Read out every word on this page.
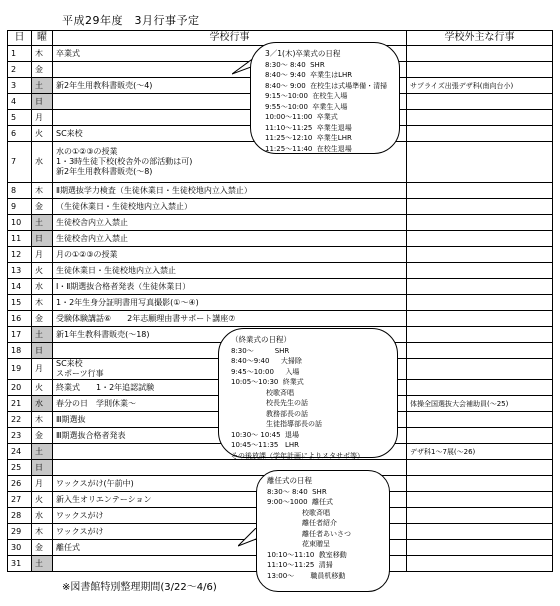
平成29年度　3月行事予定
日	曜	学校行事	学校外主な行事
1	木	卒業式	
2	金		
3	土	新2年生用教科書販売(〜4)	サプライズ出張デザ科(南向台小)
4	日		
5	月		
6	火	SC来校	
7	水	水の①②③の授業
1・3時生徒下校(校舎外の部活動は可)
新2年生用教科書販売(〜8)	
8	木	Ⅱ期選抜学力検査（生徒休業日・生徒校地内立入禁止）	
9	金	（生徒休業日・生徒校地内立入禁止）	
10	土	生徒校舎内立入禁止	
11	日	生徒校舎内立入禁止	
12	月	月の①②③の授業	
13	火	生徒休業日・生徒校地内立入禁止	
14	水	Ⅰ・Ⅱ期選抜合格者発表（生徒休業日）	
15	木	1・2年生身分証明書用写真撮影(①〜④)	
16	金	受験体験講話⑥　　2年志願理由書サポート講座⑦	
17	土	新1年生教科書販売(〜18)	
18	日		
19	月	SC来校
スポーツ行事	
20	火	終業式　　1・2年追認試験	
21	水	春分の日　学則休業〜	体操全国選抜大会補助員(〜25)
22	木	Ⅲ期選抜	
23	金	Ⅲ期選抜合格者発表	
24	土		デザ科1〜7展(〜26)
25	日		
26	月	ワックスがけ(午前中)	
27	火	新入生オリエンテーション	
28	水	ワックスがけ	
29	木	ワックスがけ	
30	金	離任式	
31	土		
3／1(木)卒業式の日程
8:30〜 8:40  SHR
8:40〜 9:40  卒業生はLHR
8:40〜 9:00  在校生は式場準備・清掃
9:15〜10:00  在校生入場
9:55〜10:00  卒業生入場
10:00〜11:00  卒業式
11:10〜11:25  卒業生退場
11:25〜12:10  卒業生LHR
11:25〜11:40  在校生退場
（終業式の日程）
8:30〜　　　SHR
8:40〜9:40　  大掃除
9:45〜10:00　  入場
10:05〜10:30  終業式
　　　　　校歌斉唱
　　　　　校長先生の話
　　　　　教務部長の話
　　　　　生徒指導部長の話
10:30〜 10:45  退場
10:45〜11:35   LHR
その後放課（学年計画によりスタサポ等）
離任式の日程
8:30〜 8:40  SHR
9:00〜1000  離任式
　　　　　校歌斉唱
　　　　　離任者紹介
　　　　　離任者あいさつ
　　　　　花束贈呈
10:10〜11:10  教室移動
11:10〜11:25  清掃
13:00〜　　 職員机移動
※図書館特別整理期間(3/22〜4/6)
